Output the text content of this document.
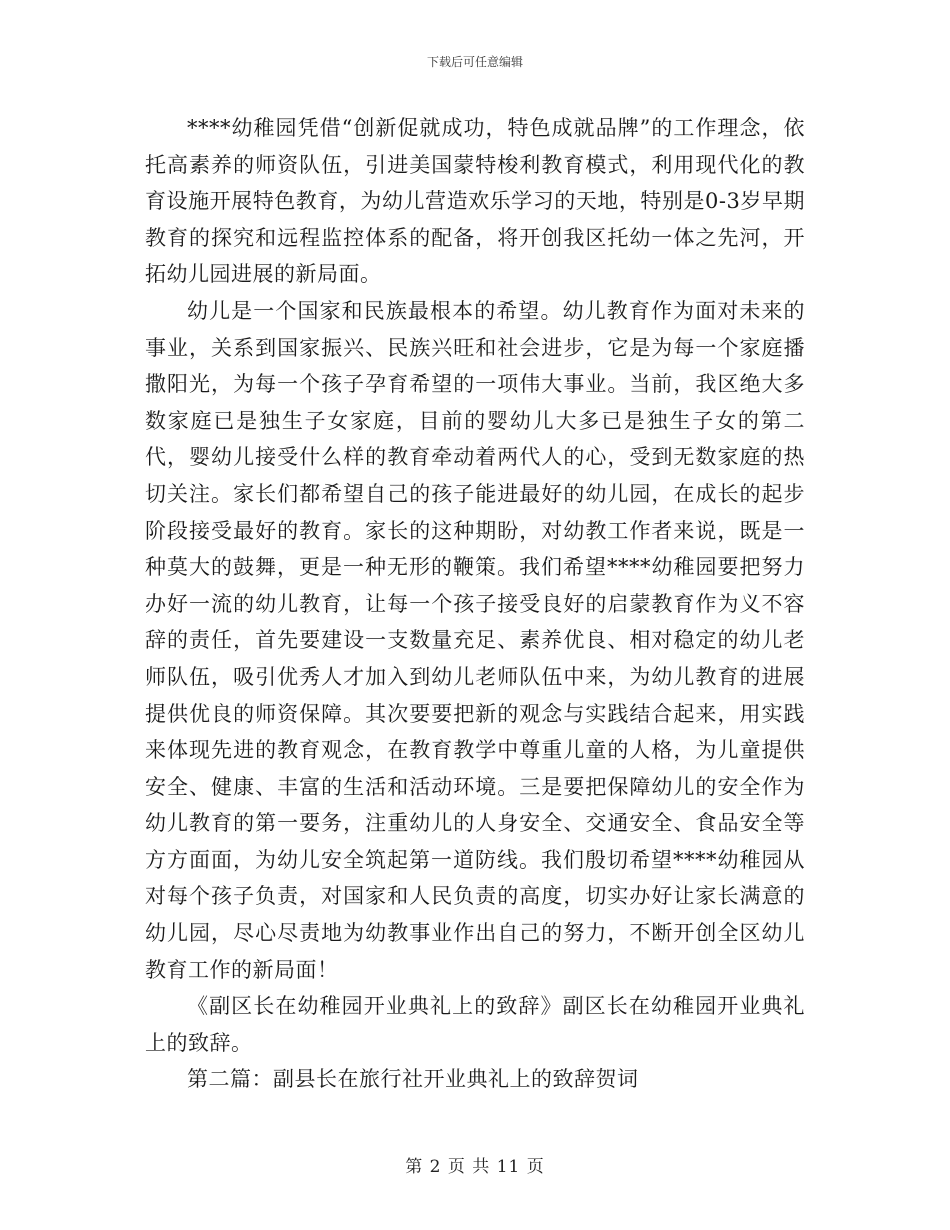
下载后可任意编辑

****幼稚园凭借“创新促就成功，特色成就品牌”的工作理念，依托高素养的师资队伍，引进美国蒙特梭利教育模式，利用现代化的教育设施开展特色教育，为幼儿营造欢乐学习的天地，特别是0-3岁早期教育的探究和远程监控体系的配备，将开创我区托幼一体之先河，开拓幼儿园进展的新局面。

幼儿是一个国家和民族最根本的希望。幼儿教育作为面对未来的事业，关系到国家振兴、民族兴旺和社会进步，它是为每一个家庭播撒阳光，为每一个孩子孕育希望的一项伟大事业。当前，我区绝大多数家庭已是独生子女家庭，目前的婴幼儿大多已是独生子女的第二代，婴幼儿接受什么样的教育牵动着两代人的心，受到无数家庭的热切关注。家长们都希望自己的孩子能进最好的幼儿园，在成长的起步阶段接受最好的教育。家长的这种期盼，对幼教工作者来说，既是一种莫大的鼓舞，更是一种无形的鞭策。我们希望****幼稚园要把努力办好一流的幼儿教育，让每一个孩子接受良好的启蒙教育作为义不容辞的责任，首先要建设一支数量充足、素养优良、相对稳定的幼儿老师队伍，吸引优秀人才加入到幼儿老师队伍中来，为幼儿教育的进展提供优良的师资保障。其次要要把新的观念与实践结合起来，用实践来体现先进的教育观念，在教育教学中尊重儿童的人格，为儿童提供安全、健康、丰富的生活和活动环境。三是要把保障幼儿的安全作为幼儿教育的第一要务，注重幼儿的人身安全、交通安全、食品安全等方方面面，为幼儿安全筑起第一道防线。我们殷切希望****幼稚园从对每个孩子负责，对国家和人民负责的高度，切实办好让家长满意的幼儿园，尽心尽责地为幼教事业作出自己的努力，不断开创全区幼儿教育工作的新局面！

《副区长在幼稚园开业典礼上的致辞》副区长在幼稚园开业典礼上的致辞。

第二篇：副县长在旅行社开业典礼上的致辞贺词

第 2 页 共 11 页
